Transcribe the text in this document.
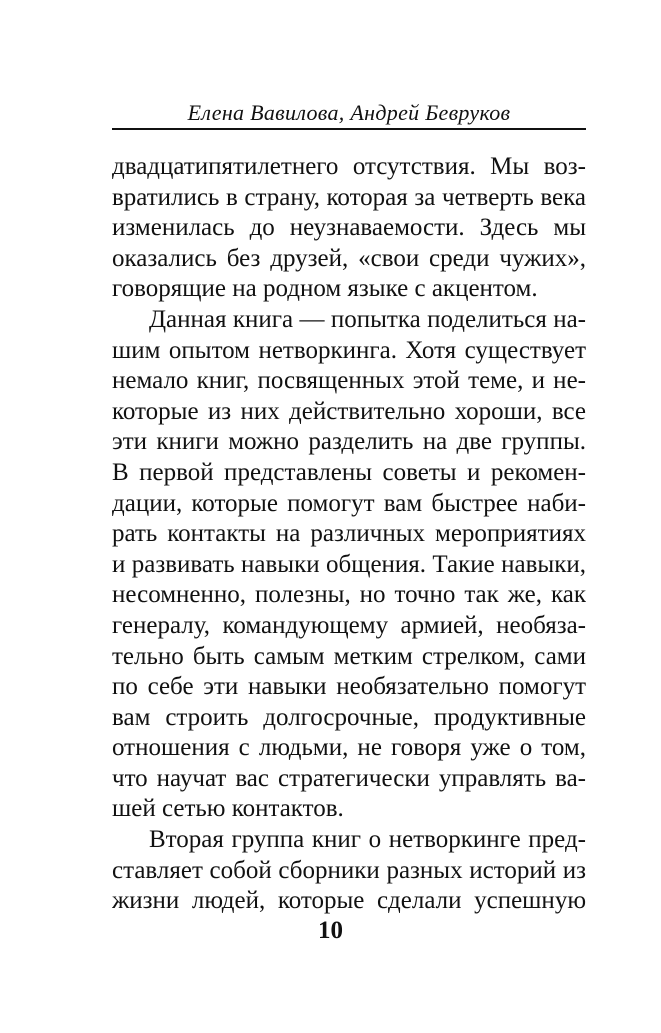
Елена Вавилова, Андрей Бевруков
двадцатипятилетнего отсутствия. Мы воз-
вратились в страну, которая за четверть века
изменилась до неузнаваемости. Здесь мы
оказались без друзей, «свои среди чужих»,
говорящие на родном языке с акцентом.
Данная книга — попытка поделиться на-
шим опытом нетворкинга. Хотя существует
немало книг, посвященных этой теме, и не-
которые из них действительно хороши, все
эти книги можно разделить на две группы.
В первой представлены советы и рекомен-
дации, которые помогут вам быстрее наби-
рать контакты на различных мероприятиях
и развивать навыки общения. Такие навыки,
несомненно, полезны, но точно так же, как
генералу, командующему армией, необяза-
тельно быть самым метким стрелком, сами
по себе эти навыки необязательно помогут
вам строить долгосрочные, продуктивные
отношения с людьми, не говоря уже о том,
что научат вас стратегически управлять ва-
шей сетью контактов.
Вторая группа книг о нетворкинге пред-
ставляет собой сборники разных историй из
жизни людей, которые сделали успешную
10
